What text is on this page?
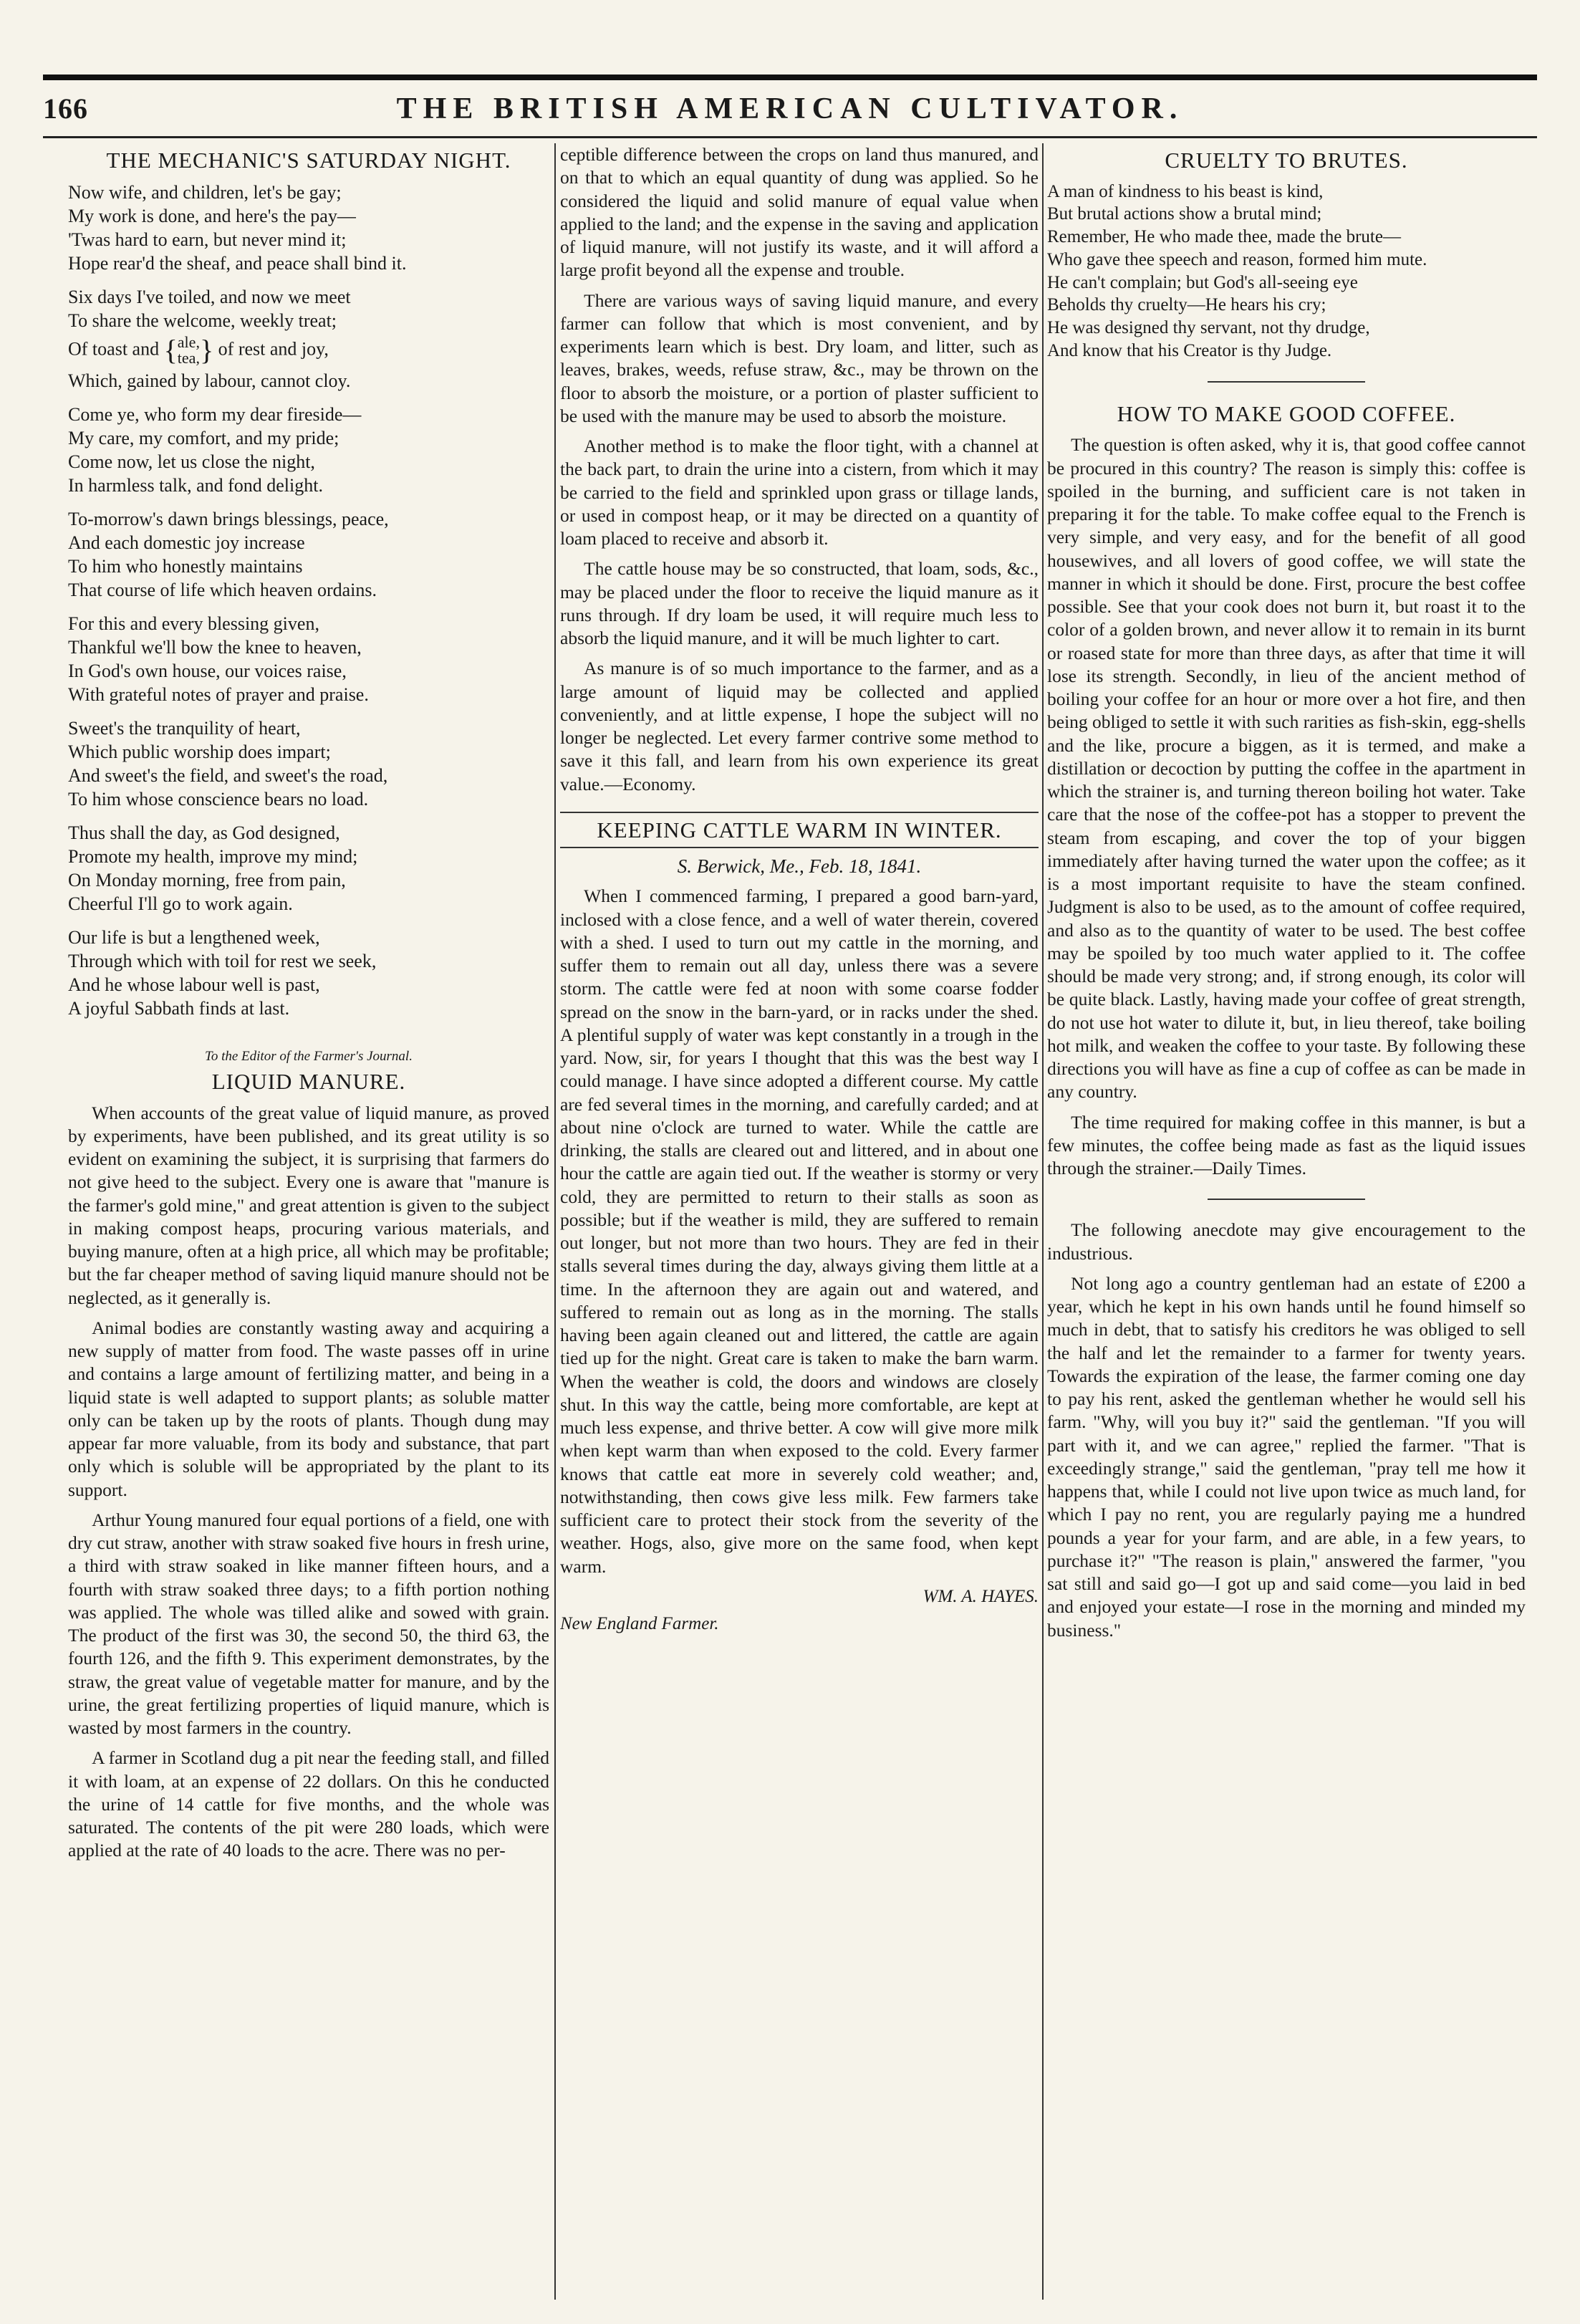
166	THE BRITISH AMERICAN CULTIVATOR.
THE MECHANIC'S SATURDAY NIGHT.
Now wife, and children, let's be gay;
My work is done, and here's the pay—
'Twas hard to earn, but never mind it;
Hope rear'd the sheaf, and peace shall bind it.
Six days I've toiled, and now we meet
To share the welcome, weekly treat;
Of toast and {ale,
tea,} of rest and joy,
Which, gained by labour, cannot cloy.
Come ye, who form my dear fireside—
My care, my comfort, and my pride;
Come now, let us close the night,
In harmless talk, and fond delight.
To-morrow's dawn brings blessings, peace,
And each domestic joy increase
To him who honestly maintains
That course of life which heaven ordains.
For this and every blessing given,
Thankful we'll bow the knee to heaven,
In God's own house, our voices raise,
With grateful notes of prayer and praise.
Sweet's the tranquility of heart,
Which public worship does impart;
And sweet's the field, and sweet's the road,
To him whose conscience bears no load.
Thus shall the day, as God designed,
Promote my health, improve my mind;
On Monday morning, free from pain,
Cheerful I'll go to work again.
Our life is but a lengthened week,
Through which with toil for rest we seek,
And he whose labour well is past,
A joyful Sabbath finds at last.
To the Editor of the Farmer's Journal.
LIQUID MANURE.

When accounts of the great value of liquid manure, as proved by experiments, have been published, and its great utility is so evident on examining the subject, it is surprising that farmers do not give heed to the subject. Every one is aware that "manure is the farmer's gold mine," and great attention is given to the subject in making compost heaps, procuring various materials, and buying manure, often at a high price, all which may be profitable; but the far cheaper method of saving liquid manure should not be neglected, as it generally is.

Animal bodies are constantly wasting away and acquiring a new supply of matter from food. The waste passes off in urine and contains a large amount of fertilizing matter, and being in a liquid state is well adapted to support plants; as soluble matter only can be taken up by the roots of plants. Though dung may appear far more valuable, from its body and substance, that part only which is soluble will be appropriated by the plant to its support.

Arthur Young manured four equal portions of a field, one with dry cut straw, another with straw soaked five hours in fresh urine, a third with straw soaked in like manner fifteen hours, and a fourth with straw soaked three days; to a fifth portion nothing was applied. The whole was tilled alike and sowed with grain. The product of the first was 30, the second 50, the third 63, the fourth 126, and the fifth 9. This experiment demonstrates, by the straw, the great value of vegetable matter for manure, and by the urine, the great fertilizing properties of liquid manure, which is wasted by most farmers in the country.

A farmer in Scotland dug a pit near the feeding stall, and filled it with loam, at an expense of 22 dollars. On this he conducted the urine of 14 cattle for five months, and the whole was saturated. The contents of the pit were 280 loads, which were applied at the rate of 40 loads to the acre. There was no per-

ceptible difference between the crops on land thus manured, and on that to which an equal quantity of dung was applied. So he considered the liquid and solid manure of equal value when applied to the land; and the expense in the saving and application of liquid manure, will not justify its waste, and it will afford a large profit beyond all the expense and trouble.

There are various ways of saving liquid manure, and every farmer can follow that which is most convenient, and by experiments learn which is best. Dry loam, and litter, such as leaves, brakes, weeds, refuse straw, &c., may be thrown on the floor to absorb the moisture, or a portion of plaster sufficient to be used with the manure may be used to absorb the moisture.

Another method is to make the floor tight, with a channel at the back part, to drain the urine into a cistern, from which it may be carried to the field and sprinkled upon grass or tillage lands, or used in compost heap, or it may be directed on a quantity of loam placed to receive and absorb it.

The cattle house may be so constructed, that loam, sods, &c., may be placed under the floor to receive the liquid manure as it runs through. If dry loam be used, it will require much less to absorb the liquid manure, and it will be much lighter to cart.

As manure is of so much importance to the farmer, and as a large amount of liquid may be collected and applied conveniently, and at little expense, I hope the subject will no longer be neglected. Let every farmer contrive some method to save it this fall, and learn from his own experience its great value.—Economy.

KEEPING CATTLE WARM IN WINTER.
S. Berwick, Me., Feb. 18, 1841.

When I commenced farming, I prepared a good barn-yard, inclosed with a close fence, and a well of water therein, covered with a shed. I used to turn out my cattle in the morning, and suffer them to remain out all day, unless there was a severe storm. The cattle were fed at noon with some coarse fodder spread on the snow in the barn-yard, or in racks under the shed. A plentiful supply of water was kept constantly in a trough in the yard. Now, sir, for years I thought that this was the best way I could manage. I have since adopted a different course. My cattle are fed several times in the morning, and carefully carded; and at about nine o'clock are turned to water. While the cattle are drinking, the stalls are cleared out and littered, and in about one hour the cattle are again tied out. If the weather is stormy or very cold, they are permitted to return to their stalls as soon as possible; but if the weather is mild, they are suffered to remain out longer, but not more than two hours. They are fed in their stalls several times during the day, always giving them little at a time. In the afternoon they are again out and watered, and suffered to remain out as long as in the morning. The stalls having been again cleaned out and littered, the cattle are again tied up for the night. Great care is taken to make the barn warm. When the weather is cold, the doors and windows are closely shut. In this way the cattle, being more comfortable, are kept at much less expense, and thrive better. A cow will give more milk when kept warm than when exposed to the cold. Every farmer knows that cattle eat more in severely cold weather; and, notwithstanding, then cows give less milk. Few farmers take sufficient care to protect their stock from the severity of the weather. Hogs, also, give more on the same food, when kept warm.

WM. A. HAYES.

New England Farmer.

CRUELTY TO BRUTES.
A man of kindness to his beast is kind,
But brutal actions show a brutal mind;
Remember, He who made thee, made the brute—
Who gave thee speech and reason, formed him mute.
He can't complain; but God's all-seeing eye
Beholds thy cruelty—He hears his cry;
He was designed thy servant, not thy drudge,
And know that his Creator is thy Judge.
HOW TO MAKE GOOD COFFEE.

The question is often asked, why it is, that good coffee cannot be procured in this country? The reason is simply this: coffee is spoiled in the burning, and sufficient care is not taken in preparing it for the table. To make coffee equal to the French is very simple, and very easy, and for the benefit of all good housewives, and all lovers of good coffee, we will state the manner in which it should be done. First, procure the best coffee possible. See that your cook does not burn it, but roast it to the color of a golden brown, and never allow it to remain in its burnt or roased state for more than three days, as after that time it will lose its strength. Secondly, in lieu of the ancient method of boiling your coffee for an hour or more over a hot fire, and then being obliged to settle it with such rarities as fish-skin, egg-shells and the like, procure a biggen, as it is termed, and make a distillation or decoction by putting the coffee in the apartment in which the strainer is, and turning thereon boiling hot water. Take care that the nose of the coffee-pot has a stopper to prevent the steam from escaping, and cover the top of your biggen immediately after having turned the water upon the coffee; as it is a most important requisite to have the steam confined. Judgment is also to be used, as to the amount of coffee required, and also as to the quantity of water to be used. The best coffee may be spoiled by too much water applied to it. The coffee should be made very strong; and, if strong enough, its color will be quite black. Lastly, having made your coffee of great strength, do not use hot water to dilute it, but, in lieu thereof, take boiling hot milk, and weaken the coffee to your taste. By following these directions you will have as fine a cup of coffee as can be made in any country.

The time required for making coffee in this manner, is but a few minutes, the coffee being made as fast as the liquid issues through the strainer.—Daily Times.

The following anecdote may give encouragement to the industrious.

Not long ago a country gentleman had an estate of £200 a year, which he kept in his own hands until he found himself so much in debt, that to satisfy his creditors he was obliged to sell the half and let the remainder to a farmer for twenty years. Towards the expiration of the lease, the farmer coming one day to pay his rent, asked the gentleman whether he would sell his farm. "Why, will you buy it?" said the gentleman. "If you will part with it, and we can agree," replied the farmer. "That is exceedingly strange," said the gentleman, "pray tell me how it happens that, while I could not live upon twice as much land, for which I pay no rent, you are regularly paying me a hundred pounds a year for your farm, and are able, in a few years, to purchase it?" "The reason is plain," answered the farmer, "you sat still and said go—I got up and said come—you laid in bed and enjoyed your estate—I rose in the morning and minded my business."
